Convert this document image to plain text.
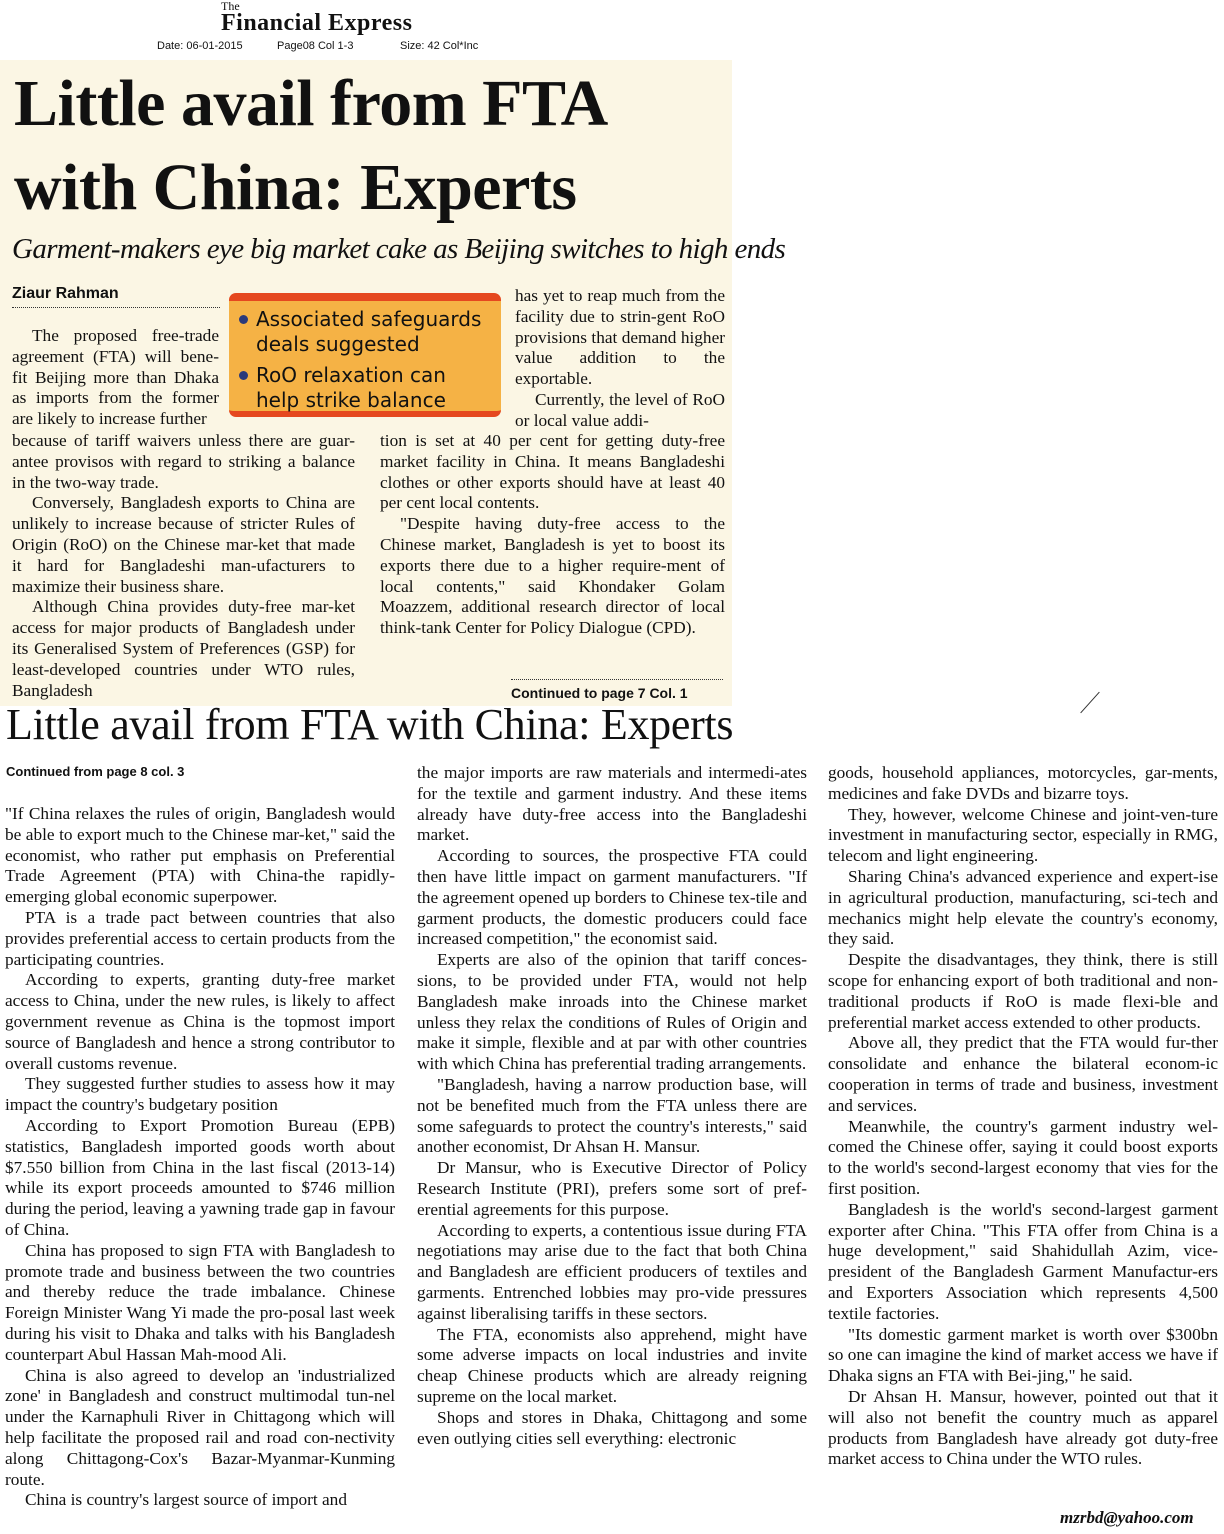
The
Financial Express
Date: 06-01-2015	Page08 Col 1-3	Size: 42 Col*Inc
Little avail from FTA with China: Experts
Garment-makers eye big market cake as Beijing switches to high ends
Ziaur Rahman
Associated safeguards deals suggested
RoO relaxation can help strike balance

The proposed free-trade agreement (FTA) will bene-fit Beijing more than Dhaka as imports from the former are likely to increase further

because of tariff waivers unless there are guar-antee provisos with regard to striking a balance in the two-way trade.

Conversely, Bangladesh exports to China are unlikely to increase because of stricter Rules of Origin (RoO) on the Chinese mar-ket that made it hard for Bangladeshi man-ufacturers to maximize their business share.

Although China provides duty-free mar-ket access for major products of Bangladesh under its Generalised System of Preferences (GSP) for least-developed countries under WTO rules, Bangladesh

has yet to reap much from the facility due to strin-gent RoO provisions that demand higher value addition to the exportable.

Currently, the level of RoO or local value addi-

tion is set at 40 per cent for getting duty-free market facility in China. It means Bangladeshi clothes or other exports should have at least 40 per cent local contents.

"Despite having duty-free access to the Chinese market, Bangladesh is yet to boost its exports there due to a higher require-ment of local contents," said Khondaker Golam Moazzem, additional research director of local think-tank Center for Policy Dialogue (CPD).

Continued to page 7 Col. 1
Little avail from FTA with China: Experts
Continued from page 8 col. 3

"If China relaxes the rules of origin, Bangladesh would be able to export much to the Chinese mar-ket," said the economist, who rather put emphasis on Preferential Trade Agreement (PTA) with China-the rapidly-emerging global economic superpower.

PTA is a trade pact between countries that also provides preferential access to certain products from the participating countries.

According to experts, granting duty-free market access to China, under the new rules, is likely to affect government revenue as China is the topmost import source of Bangladesh and hence a strong contributor to overall customs revenue.

They suggested further studies to assess how it may impact the country's budgetary position

According to Export Promotion Bureau (EPB) statistics, Bangladesh imported goods worth about $7.550 billion from China in the last fiscal (2013-14) while its export proceeds amounted to $746 million during the period, leaving a yawning trade gap in favour of China.

China has proposed to sign FTA with Bangladesh to promote trade and business between the two countries and thereby reduce the trade imbalance. Chinese Foreign Minister Wang Yi made the pro-posal last week during his visit to Dhaka and talks with his Bangladesh counterpart Abul Hassan Mah-mood Ali.

China is also agreed to develop an 'industrialized zone' in Bangladesh and construct multimodal tun-nel under the Karnaphuli River in Chittagong which will help facilitate the proposed rail and road con-nectivity along Chittagong-Cox's Bazar-Myanmar-Kunming route.

China is country's largest source of import and

the major imports are raw materials and intermedi-ates for the textile and garment industry. And these items already have duty-free access into the Bangladeshi market.

According to sources, the prospective FTA could then have little impact on garment manufacturers. "If the agreement opened up borders to Chinese tex-tile and garment products, the domestic producers could face increased competition," the economist said.

Experts are also of the opinion that tariff conces-sions, to be provided under FTA, would not help Bangladesh make inroads into the Chinese market unless they relax the conditions of Rules of Origin and make it simple, flexible and at par with other countries with which China has preferential trading arrangements.

"Bangladesh, having a narrow production base, will not be benefited much from the FTA unless there are some safeguards to protect the country's interests," said another economist, Dr Ahsan H. Mansur.

Dr Mansur, who is Executive Director of Policy Research Institute (PRI), prefers some sort of pref-erential agreements for this purpose.

According to experts, a contentious issue during FTA negotiations may arise due to the fact that both China and Bangladesh are efficient producers of textiles and garments. Entrenched lobbies may pro-vide pressures against liberalising tariffs in these sectors.

The FTA, economists also apprehend, might have some adverse impacts on local industries and invite cheap Chinese products which are already reigning supreme on the local market.

Shops and stores in Dhaka, Chittagong and some even outlying cities sell everything: electronic

goods, household appliances, motorcycles, gar-ments, medicines and fake DVDs and bizarre toys.

They, however, welcome Chinese and joint-ven-ture investment in manufacturing sector, especially in RMG, telecom and light engineering.

Sharing China's advanced experience and expert-ise in agricultural production, manufacturing, sci-tech and mechanics might help elevate the country's economy, they said.

Despite the disadvantages, they think, there is still scope for enhancing export of both traditional and non-traditional products if RoO is made flexi-ble and preferential market access extended to other products.

Above all, they predict that the FTA would fur-ther consolidate and enhance the bilateral econom-ic cooperation in terms of trade and business, investment and services.

Meanwhile, the country's garment industry wel-comed the Chinese offer, saying it could boost exports to the world's second-largest economy that vies for the first position.

Bangladesh is the world's second-largest garment exporter after China. "This FTA offer from China is a huge development," said Shahidullah Azim, vice-president of the Bangladesh Garment Manufactur-ers and Exporters Association which represents 4,500 textile factories.

"Its domestic garment market is worth over $300bn so one can imagine the kind of market access we have if Dhaka signs an FTA with Bei-jing," he said.

Dr Ahsan H. Mansur, however, pointed out that it will also not benefit the country much as apparel products from Bangladesh have already got duty-free market access to China under the WTO rules.

mzrbd@yahoo.com
